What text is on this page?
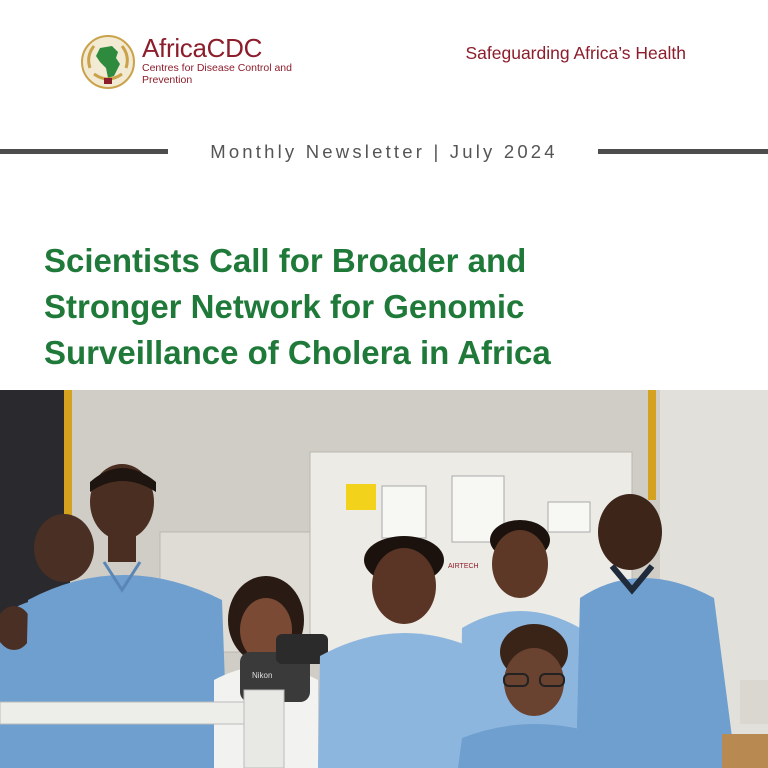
AfricaCDC
Centres for Disease Control and Prevention
Safeguarding Africa’s Health
Monthly Newsletter | July 2024
Scientists Call for Broader and
Stronger Network for Genomic
Surveillance of Cholera in Africa
AIRTECH
Nikon
